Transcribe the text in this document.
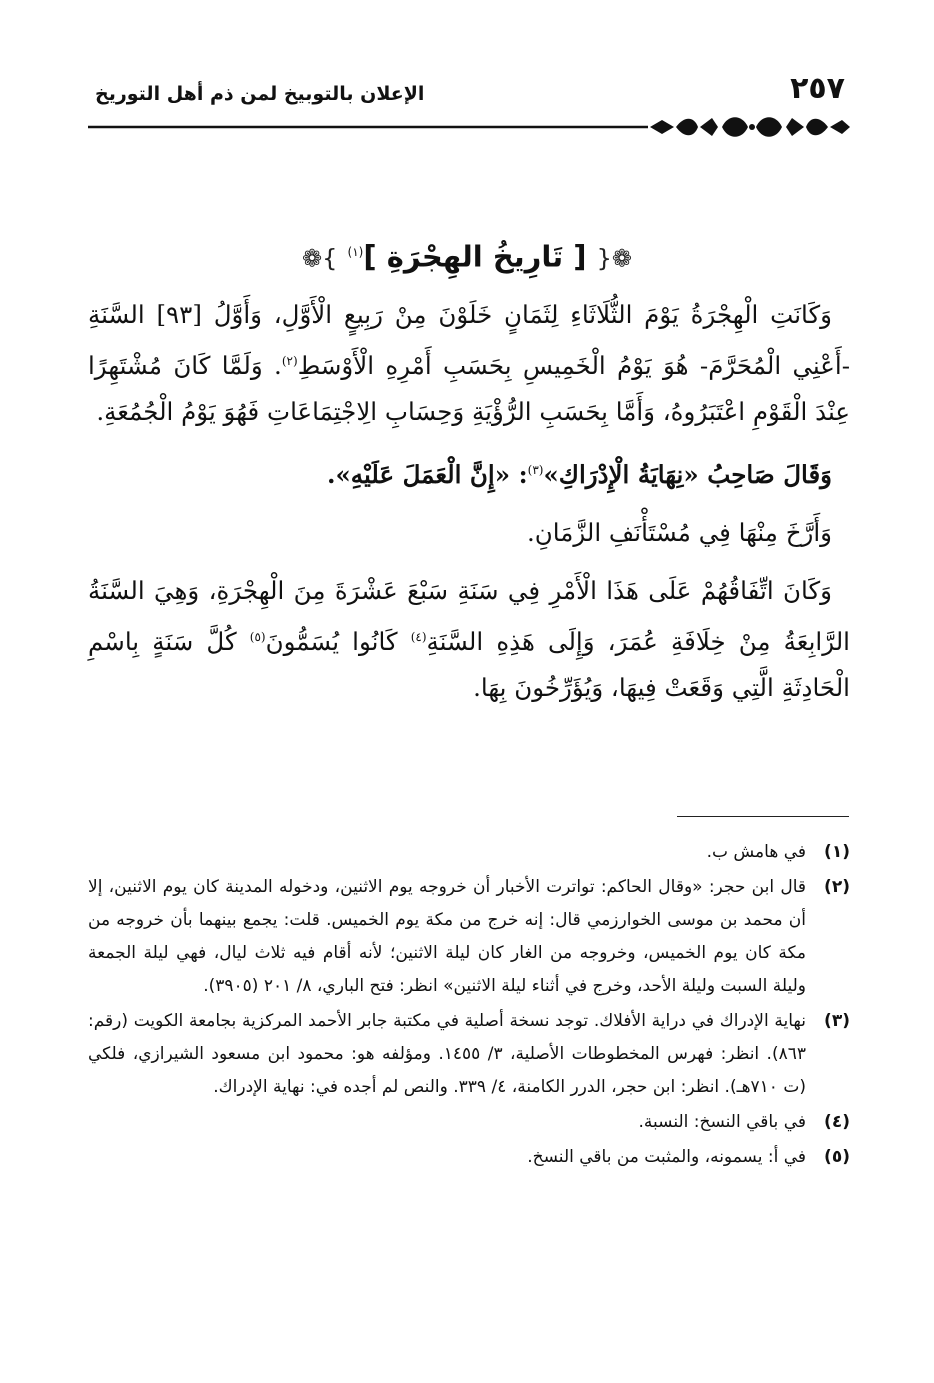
٢٥٧
الإعلان بالتوبيخ لمن ذم أهل التوريخ
❁{ [ تَارِيخُ الهِجْرَةِ ]$^{(١)}$ }❁

وَكَانَتِ الْهِجْرَةُ يَوْمَ الثُّلَاثَاءِ لِثَمَانٍ خَلَوْنَ مِنْ رَبِيعٍ الْأَوَّلِ، وَأَوَّلُ [٩٣] السَّنَةِ -أَعْنِي الْمُحَرَّمَ- هُوَ يَوْمُ الْخَمِيسِ بِحَسَبِ أَمْرِهِ الْأَوْسَطِ$^{(٢)}$. وَلَمَّا كَانَ مُشْتَهِرًا عِنْدَ الْقَوْمِ اعْتَبَرُوهُ، وَأَمَّا بِحَسَبِ الرُّؤْيَةِ وَحِسَابِ الِاجْتِمَاعَاتِ فَهُوَ يَوْمُ الْجُمُعَةِ.

وَقَالَ صَاحِبُ «نِهَايَةُ الْإِدْرَاكِ»$^{(٣)}$: «إِنَّ الْعَمَلَ عَلَيْهِ».

وَأَرَّخَ مِنْهَا فِي مُسْتَأْنَفِ الزَّمَانِ.

وَكَانَ اتِّفَاقُهُمْ عَلَى هَذَا الْأَمْرِ فِي سَنَةِ سَبْعَ عَشْرَةَ مِنَ الْهِجْرَةِ، وَهِيَ السَّنَةُ الرَّابِعَةُ مِنْ خِلَافَةِ عُمَرَ، وَإِلَى هَذِهِ السَّنَةِ$^{(٤)}$ كَانُوا يُسَمُّونَ$^{(٥)}$ كُلَّ سَنَةٍ بِاسْمِ الْحَادِثَةِ الَّتِي وَقَعَتْ فِيهَا، وَيُؤَرِّخُونَ بِهَا.

(١)
في هامش ب.
(٢)
قال ابن حجر: «وقال الحاكم: تواترت الأخبار أن خروجه يوم الاثنين، ودخوله المدينة كان يوم الاثنين، إلا أن محمد بن موسى الخوارزمي قال: إنه خرج من مكة يوم الخميس. قلت: يجمع بينهما بأن خروجه من مكة كان يوم الخميس، وخروجه من الغار كان ليلة الاثنين؛ لأنه أقام فيه ثلاث ليال، فهي ليلة الجمعة وليلة السبت وليلة الأحد، وخرج في أثناء ليلة الاثنين» انظر: فتح الباري، ٨/ ٢٠١ (٣٩٠٥).
(٣)
نهاية الإدراك في دراية الأفلاك. توجد نسخة أصلية في مكتبة جابر الأحمد المركزية بجامعة الكويت (رقم: ٨٦٣). انظر: فهرس المخطوطات الأصلية، ٣/ ١٤٥٥. ومؤلفه هو: محمود ابن مسعود الشيرازي، فلكي (ت ٧١٠هـ). انظر: ابن حجر، الدرر الكامنة، ٤/ ٣٣٩. والنص لم أجده في: نهاية الإدراك.
(٤)
في باقي النسخ: النسبة.
(٥)
في أ: يسمونه، والمثبت من باقي النسخ.
